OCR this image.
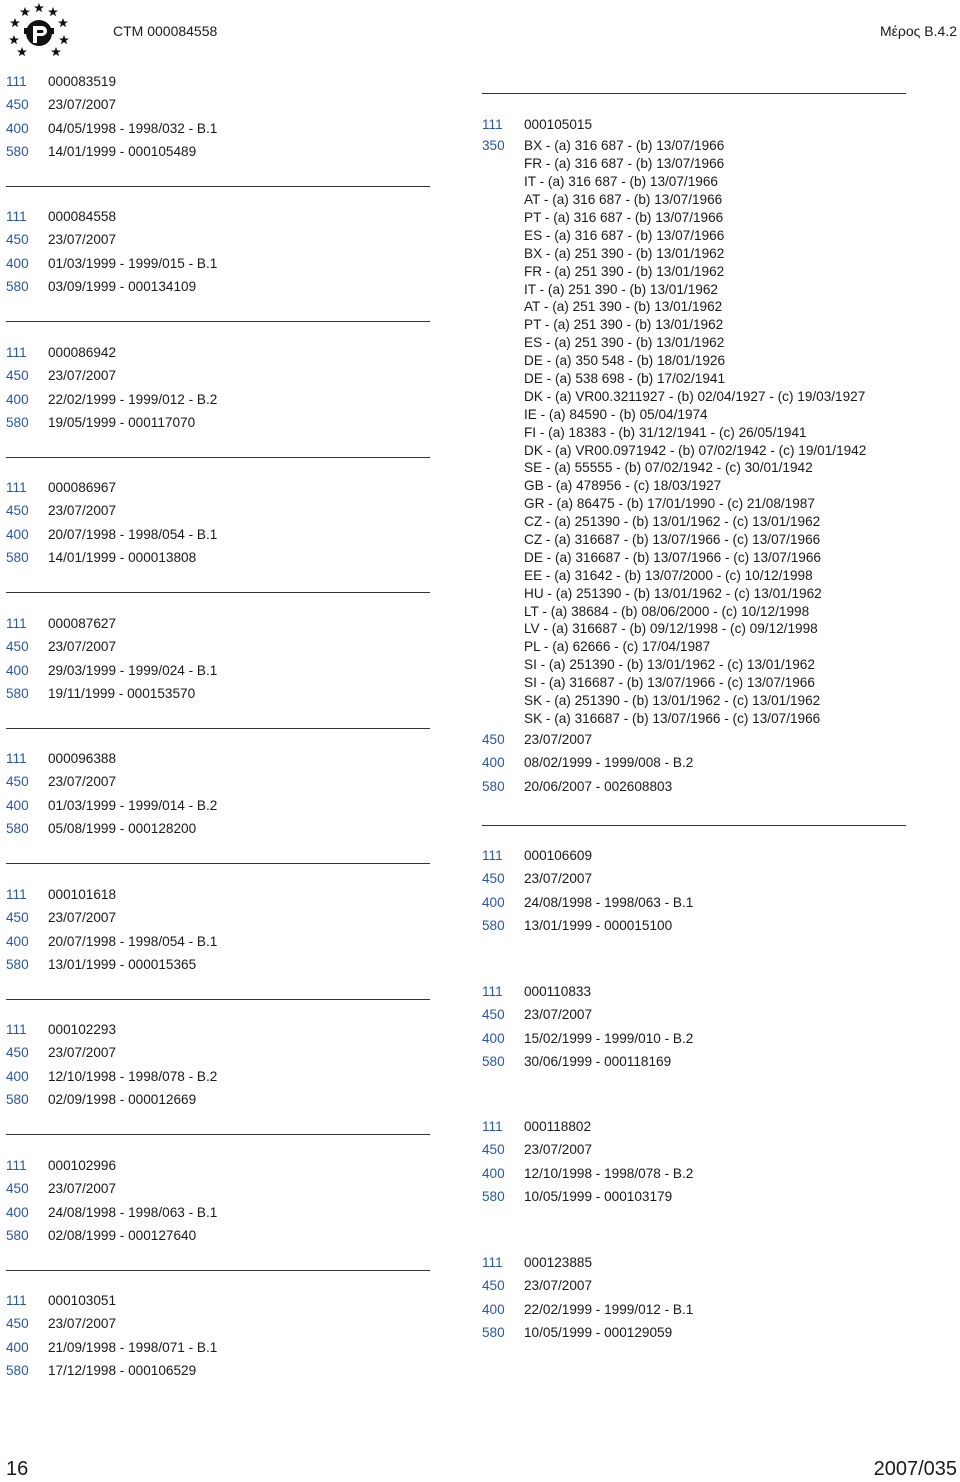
CTM 000084558	Μέρος Β.4.2
111	000083519
450	23/07/2007
400	04/05/1998 - 1998/032 - B.1
580	14/01/1999 - 000105489
111	000084558
450	23/07/2007
400	01/03/1999 - 1999/015 - B.1
580	03/09/1999 - 000134109
111	000086942
450	23/07/2007
400	22/02/1999 - 1999/012 - B.2
580	19/05/1999 - 000117070
111	000086967
450	23/07/2007
400	20/07/1998 - 1998/054 - B.1
580	14/01/1999 - 000013808
111	000087627
450	23/07/2007
400	29/03/1999 - 1999/024 - B.1
580	19/11/1999 - 000153570
111	000096388
450	23/07/2007
400	01/03/1999 - 1999/014 - B.2
580	05/08/1999 - 000128200
111	000101618
450	23/07/2007
400	20/07/1998 - 1998/054 - B.1
580	13/01/1999 - 000015365
111	000102293
450	23/07/2007
400	12/10/1998 - 1998/078 - B.2
580	02/09/1998 - 000012669
111	000102996
450	23/07/2007
400	24/08/1998 - 1998/063 - B.1
580	02/08/1999 - 000127640
111	000103051
450	23/07/2007
400	21/09/1998 - 1998/071 - B.1
580	17/12/1998 - 000106529
111	000105015
350	BX - (a) 316 687 - (b) 13/07/1966
FR - (a) 316 687 - (b) 13/07/1966
IT - (a) 316 687 - (b) 13/07/1966
AT - (a) 316 687 - (b) 13/07/1966
PT - (a) 316 687 - (b) 13/07/1966
ES - (a) 316 687 - (b) 13/07/1966
BX - (a) 251 390 - (b) 13/01/1962
FR - (a) 251 390 - (b) 13/01/1962
IT - (a) 251 390 - (b) 13/01/1962
AT - (a) 251 390 - (b) 13/01/1962
PT - (a) 251 390 - (b) 13/01/1962
ES - (a) 251 390 - (b) 13/01/1962
DE - (a) 350 548 - (b) 18/01/1926
DE - (a) 538 698 - (b) 17/02/1941
DK - (a) VR00.3211927 - (b) 02/04/1927 - (c) 19/03/1927
IE - (a) 84590 - (b) 05/04/1974
FI - (a) 18383 - (b) 31/12/1941 - (c) 26/05/1941
DK - (a) VR00.0971942 - (b) 07/02/1942 - (c) 19/01/1942
SE - (a) 55555 - (b) 07/02/1942 - (c) 30/01/1942
GB - (a) 478956 - (c) 18/03/1927
GR - (a) 86475 - (b) 17/01/1990 - (c) 21/08/1987
CZ - (a) 251390 - (b) 13/01/1962 - (c) 13/01/1962
CZ - (a) 316687 - (b) 13/07/1966 - (c) 13/07/1966
DE - (a) 316687 - (b) 13/07/1966 - (c) 13/07/1966
EE - (a) 31642 - (b) 13/07/2000 - (c) 10/12/1998
HU - (a) 251390 - (b) 13/01/1962 - (c) 13/01/1962
LT - (a) 38684 - (b) 08/06/2000 - (c) 10/12/1998
LV - (a) 316687 - (b) 09/12/1998 - (c) 09/12/1998
PL - (a) 62666 - (c) 17/04/1987
SI - (a) 251390 - (b) 13/01/1962 - (c) 13/01/1962
SI - (a) 316687 - (b) 13/07/1966 - (c) 13/07/1966
SK - (a) 251390 - (b) 13/01/1962 - (c) 13/01/1962
SK - (a) 316687 - (b) 13/07/1966 - (c) 13/07/1966
450	23/07/2007
400	08/02/1999 - 1999/008 - B.2
580	20/06/2007 - 002608803
111	000106609
450	23/07/2007
400	24/08/1998 - 1998/063 - B.1
580	13/01/1999 - 000015100
111	000110833
450	23/07/2007
400	15/02/1999 - 1999/010 - B.2
580	30/06/1999 - 000118169
111	000118802
450	23/07/2007
400	12/10/1998 - 1998/078 - B.2
580	10/05/1999 - 000103179
111	000123885
450	23/07/2007
400	22/02/1999 - 1999/012 - B.1
580	10/05/1999 - 000129059
16	2007/035
